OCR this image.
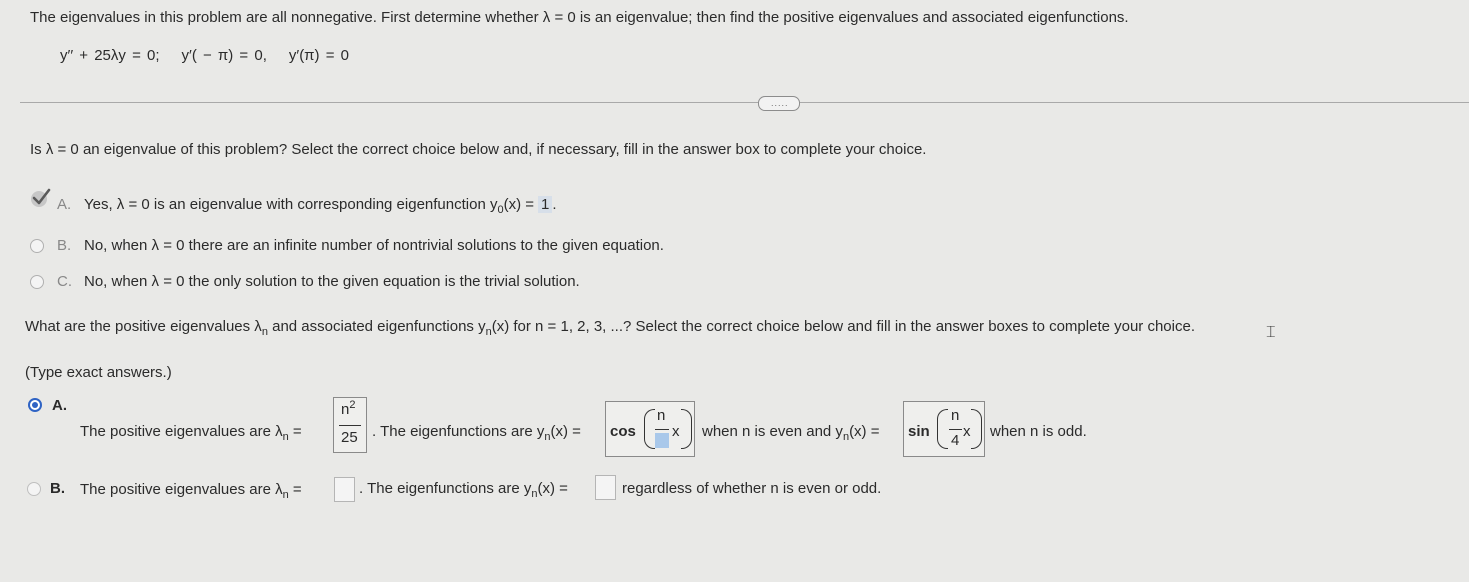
The eigenvalues in this problem are all nonnegative. First determine whether λ = 0 is an eigenvalue; then find the positive eigenvalues and associated eigenfunctions.
y′′ + 25λy = 0; y′( − π) = 0, y′(π) = 0
.....
Is λ = 0 an eigenvalue of this problem? Select the correct choice below and, if necessary, fill in the answer box to complete your choice.
A. Yes, λ = 0 is an eigenvalue with corresponding eigenfunction $y_0(x) = 1$ .
B. No, when λ = 0 there are an infinite number of nontrivial solutions to the given equation.
C. No, when λ = 0 the only solution to the given equation is the trivial solution.
What are the positive eigenvalues $\lambda_n$ and associated eigenfunctions $y_n(x)$ for n = 1, 2, 3, ...? Select the correct choice below and fill in the answer boxes to complete your choice.
(Type exact answers.)
A.
The positive eigenvalues are $\lambda_n$ =
$n^2$
25 . The eigenfunctions are $y_n(x) = \cos$
n
x when n is even and $y_n(x) = \sin$
n
4
x when n is odd.
B. The positive eigenvalues are $\lambda_n$ =	. The eigenfunctions are $y_n(x)$ =	regardless of whether n is even or odd.
⌶
